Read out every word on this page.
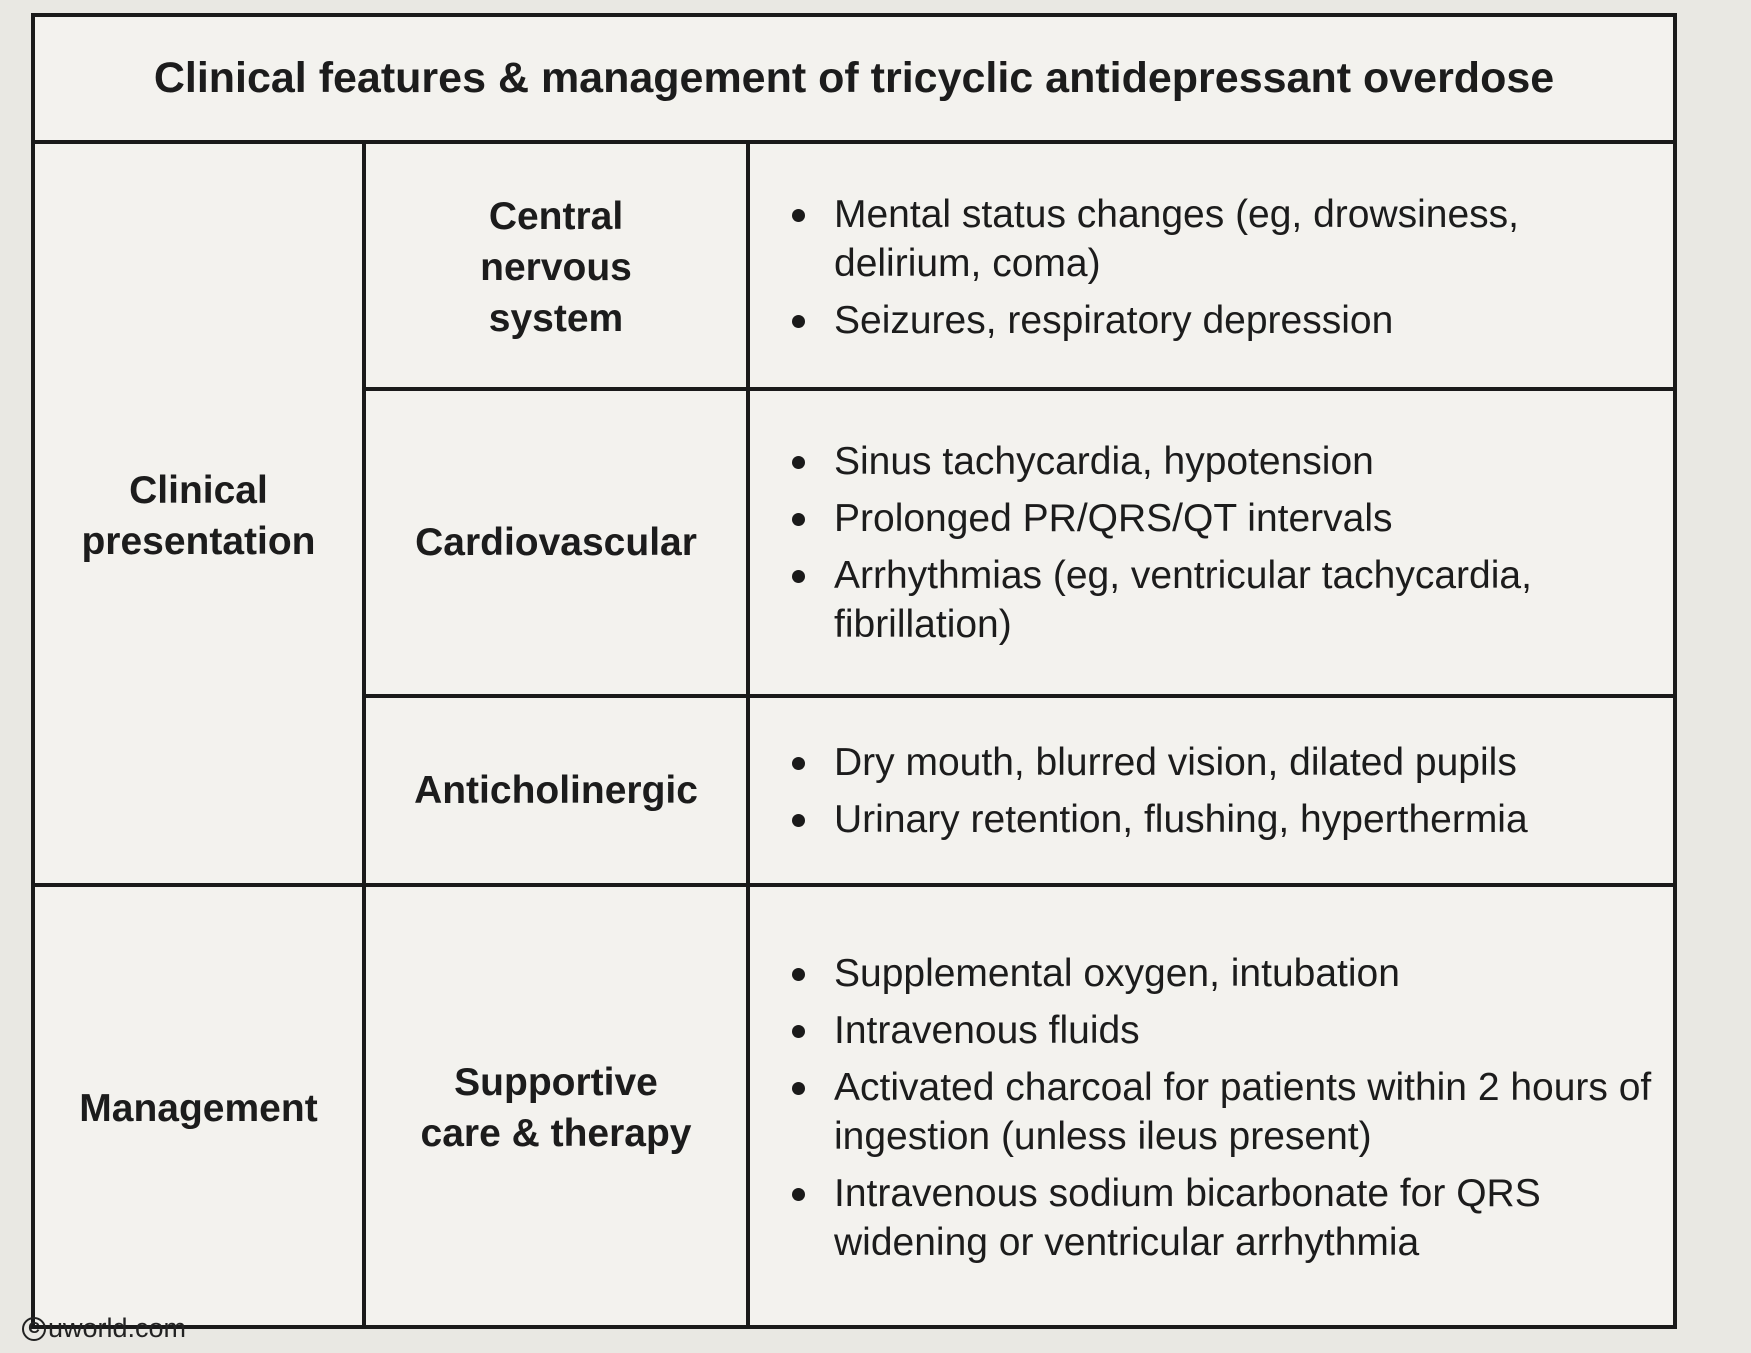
Clinical features & management of tricyclic antidepressant overdose
Clinical
presentation
Management
Central
nervous
system
Cardiovascular
Anticholinergic
Supportive
care & therapy
Mental status changes (eg, drowsiness, delirium, coma)
Seizures, respiratory depression
Sinus tachycardia, hypotension
Prolonged PR/QRS/QT intervals
Arrhythmias (eg, ventricular tachycardia, fibrillation)
Dry mouth, blurred vision, dilated pupils
Urinary retention, flushing, hyperthermia
Supplemental oxygen, intubation
Intravenous fluids
Activated charcoal for patients within 2 hours of ingestion (unless ileus present)
Intravenous sodium bicarbonate for QRS widening or ventricular arrhythmia
C uworld.com
